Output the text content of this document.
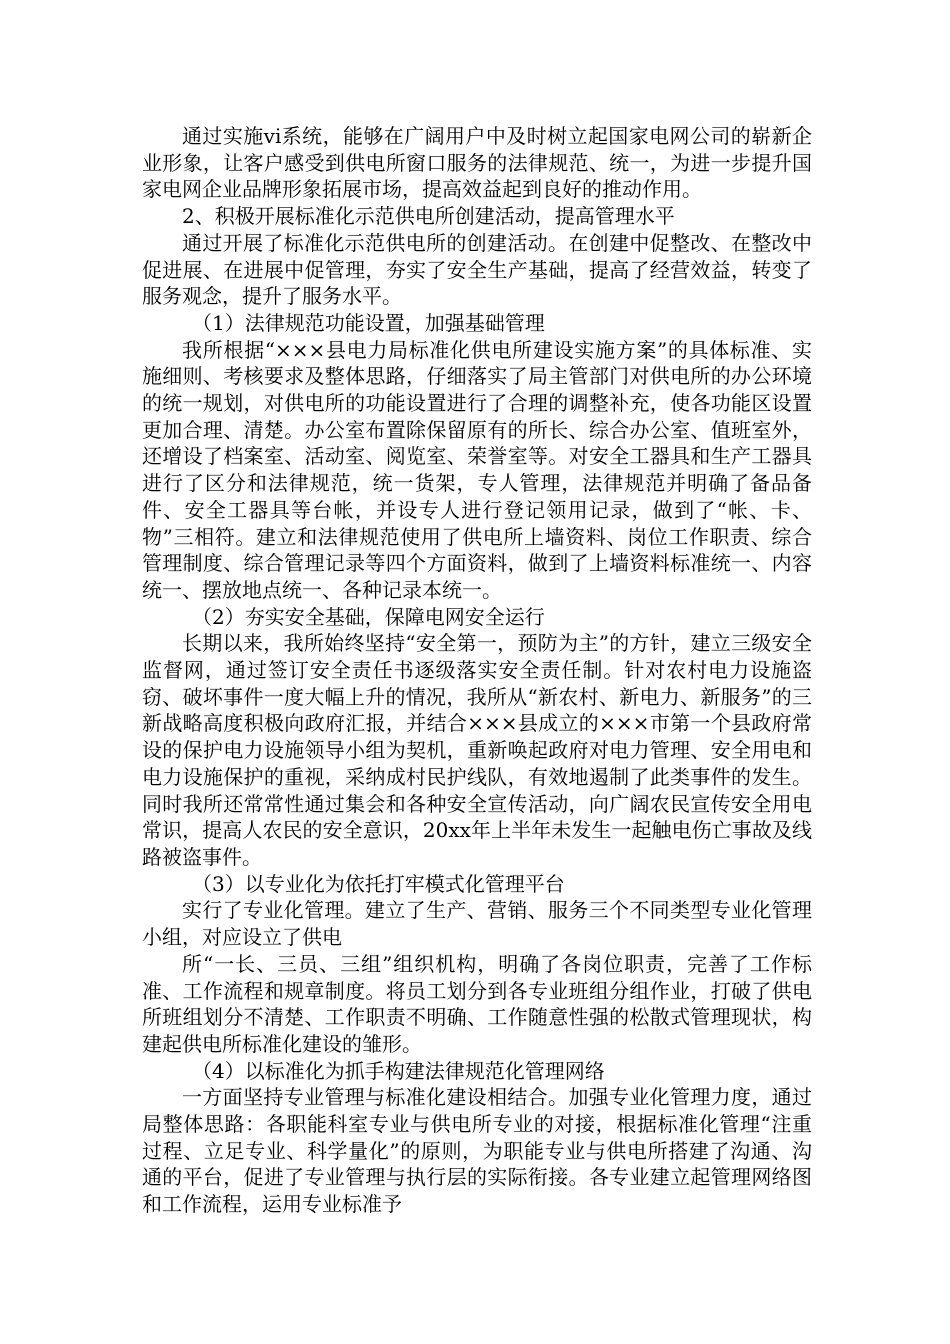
通过实施vi系统，能够在广阔用户中及时树立起国家电网公司的崭新企业形象，让客户感受到供电所窗口服务的法律规范、统一，为进一步提升国家电网企业品牌形象拓展市场，提高效益起到良好的推动作用。

2、积极开展标准化示范供电所创建活动，提高管理水平

通过开展了标准化示范供电所的创建活动。在创建中促整改、在整改中促进展、在进展中促管理，夯实了安全生产基础，提高了经营效益，转变了服务观念，提升了服务水平。

（1）法律规范功能设置，加强基础管理

我所根据“×××县电力局标准化供电所建设实施方案”的具体标准、实施细则、考核要求及整体思路，仔细落实了局主管部门对供电所的办公环境的统一规划，对供电所的功能设置进行了合理的调整补充，使各功能区设置更加合理、清楚。办公室布置除保留原有的所长、综合办公室、值班室外，还增设了档案室、活动室、阅览室、荣誉室等。对安全工器具和生产工器具进行了区分和法律规范，统一货架，专人管理，法律规范并明确了备品备件、安全工器具等台帐，并设专人进行登记领用记录，做到了“帐、卡、物”三相符。建立和法律规范使用了供电所上墙资料、岗位工作职责、综合管理制度、综合管理记录等四个方面资料，做到了上墙资料标准统一、内容统一、摆放地点统一、各种记录本统一。

（2）夯实安全基础，保障电网安全运行

长期以来，我所始终坚持“安全第一，预防为主”的方针，建立三级安全监督网，通过签订安全责任书逐级落实安全责任制。针对农村电力设施盗窃、破坏事件一度大幅上升的情况，我所从“新农村、新电力、新服务”的三新战略高度积极向政府汇报，并结合×××县成立的×××市第一个县政府常设的保护电力设施领导小组为契机，重新唤起政府对电力管理、安全用电和电力设施保护的重视，采纳成村民护线队，有效地遏制了此类事件的发生。同时我所还常常性通过集会和各种安全宣传活动，向广阔农民宣传安全用电常识，提高人农民的安全意识，20xx年上半年未发生一起触电伤亡事故及线路被盗事件。

（3）以专业化为依托打牢模式化管理平台

实行了专业化管理。建立了生产、营销、服务三个不同类型专业化管理小组，对应设立了供电

所“一长、三员、三组”组织机构，明确了各岗位职责，完善了工作标准、工作流程和规章制度。将员工划分到各专业班组分组作业，打破了供电所班组划分不清楚、工作职责不明确、工作随意性强的松散式管理现状，构建起供电所标准化建设的雏形。

（4）以标准化为抓手构建法律规范化管理网络

一方面坚持专业管理与标准化建设相结合。加强专业化管理力度，通过局整体思路：各职能科室专业与供电所专业的对接，根据标准化管理“注重过程、立足专业、科学量化”的原则，为职能专业与供电所搭建了沟通、沟通的平台，促进了专业管理与执行层的实际衔接。各专业建立起管理网络图和工作流程，运用专业标准予
